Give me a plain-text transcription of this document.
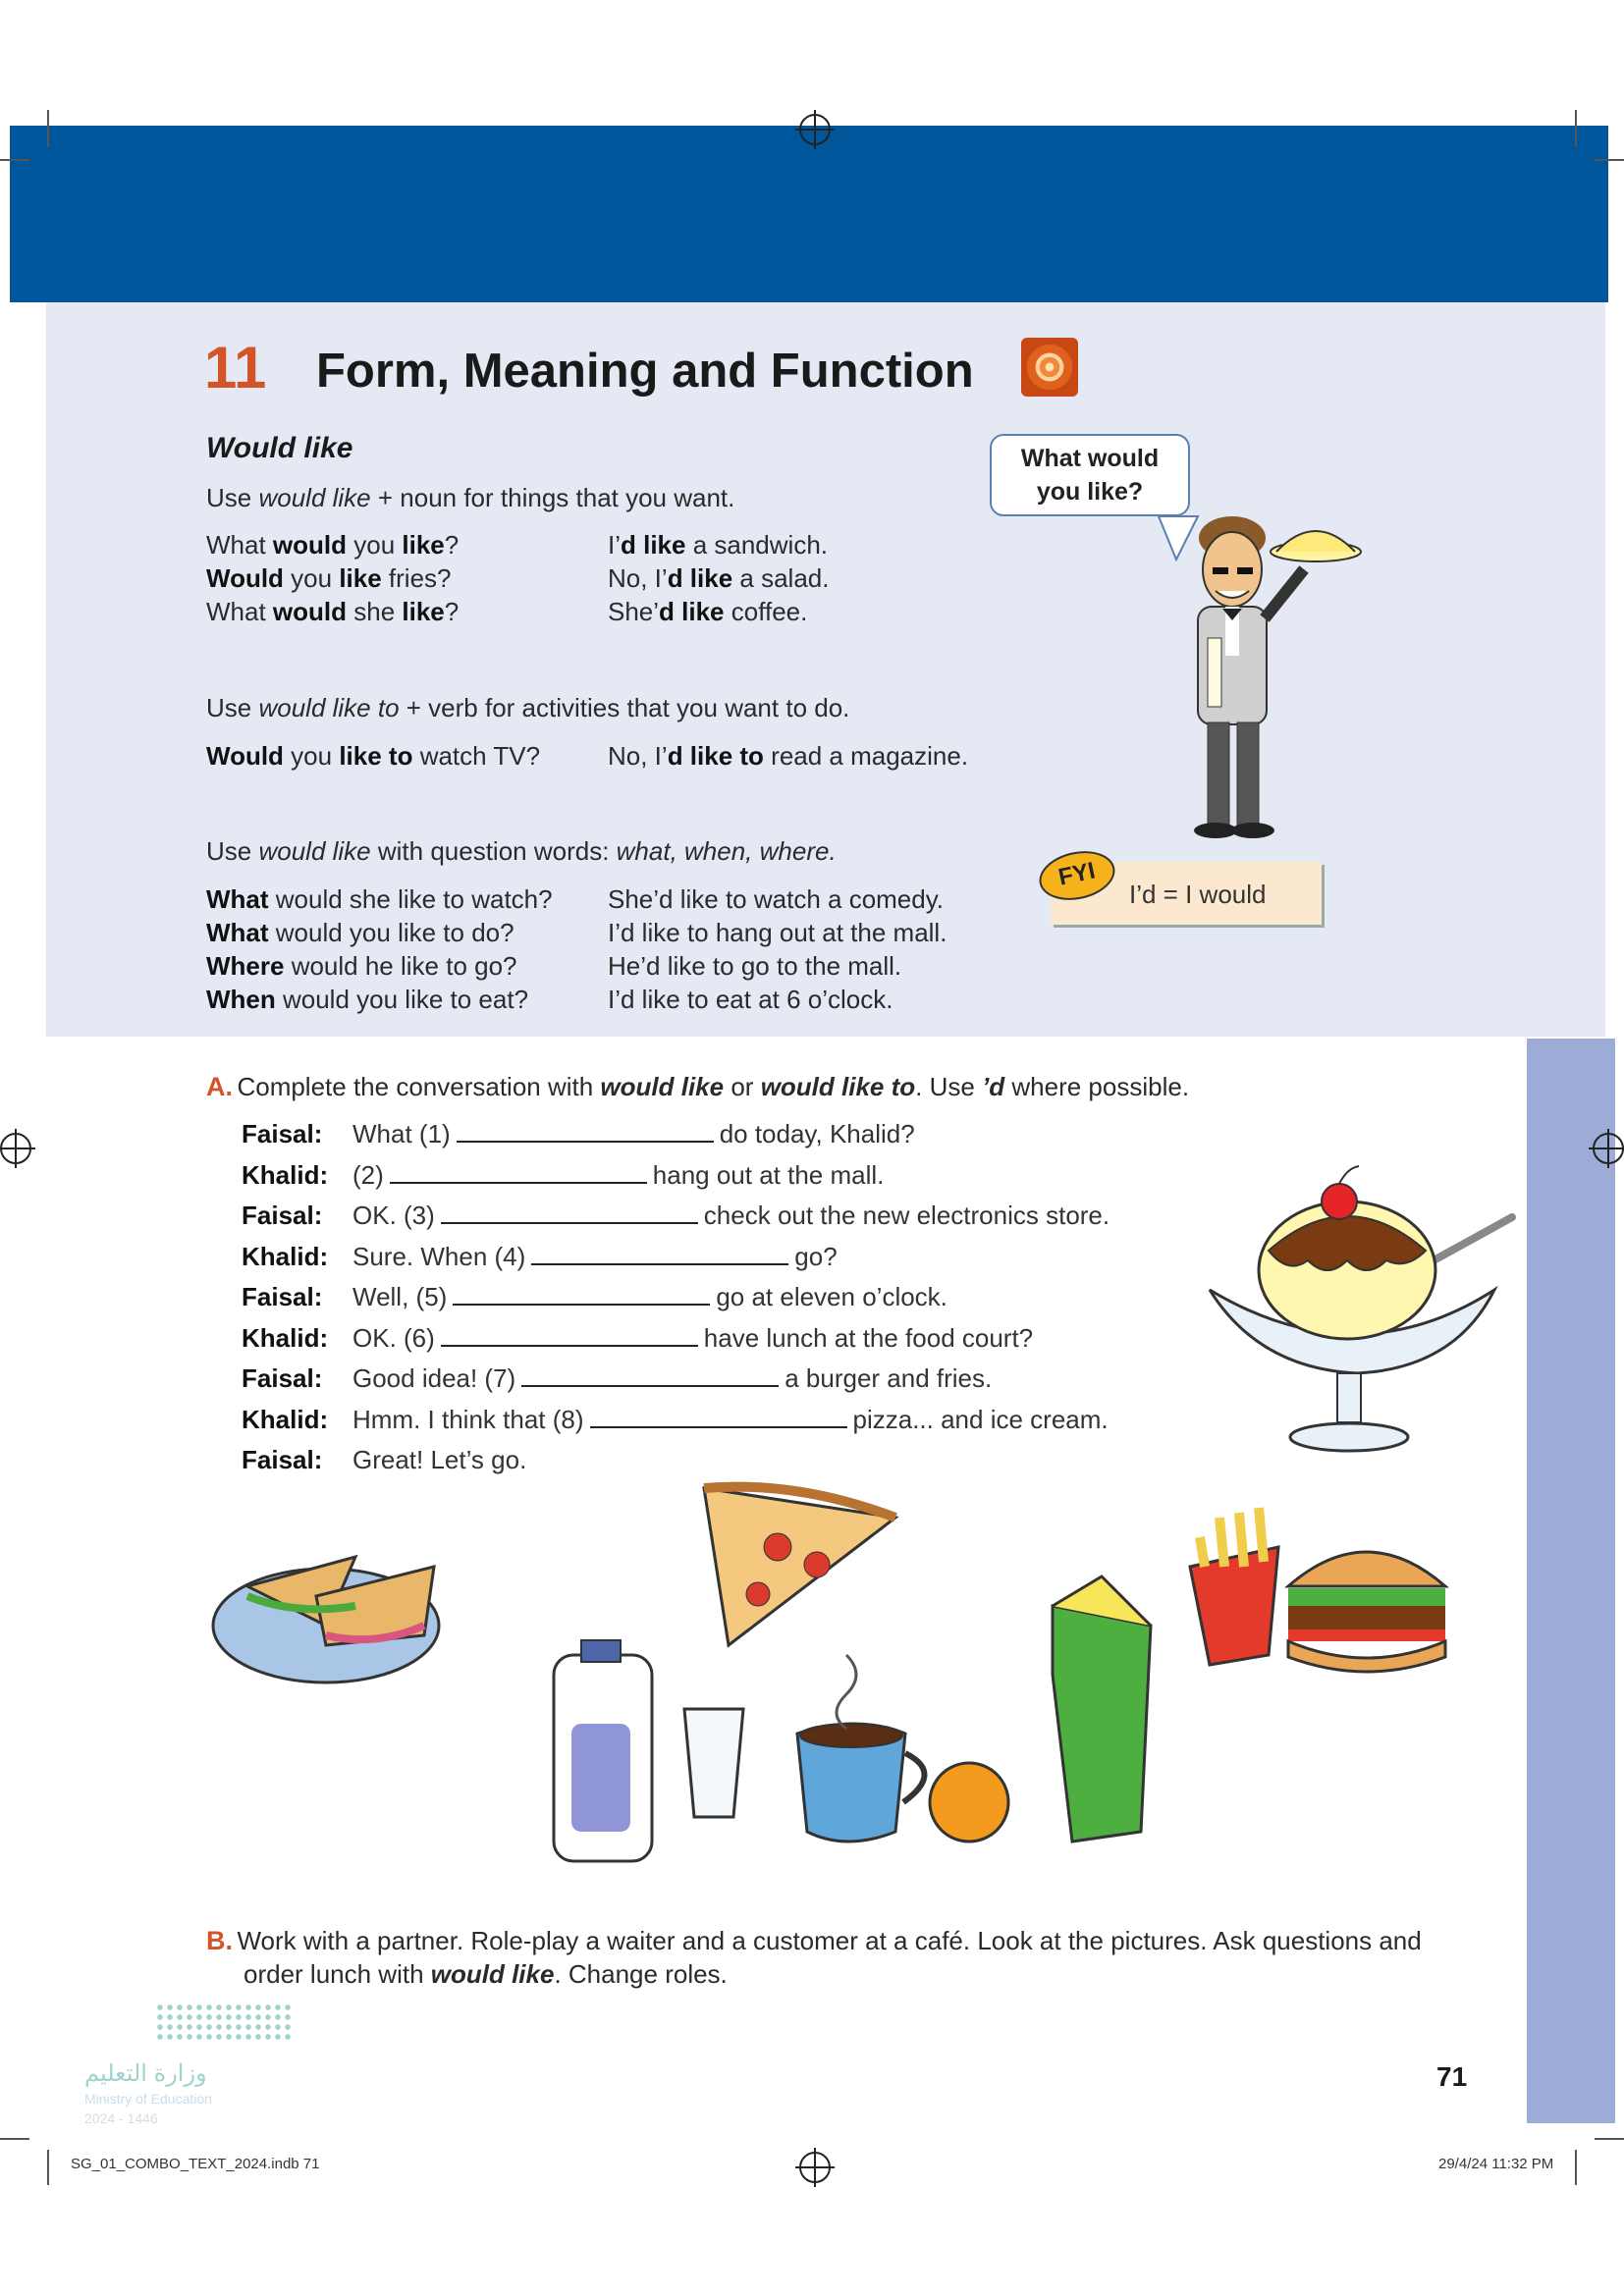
11 Form, Meaning and Function
Would like
Use would like + noun for things that you want.
What would you like?	I’d like a sandwich.
Would you like fries?	No, I’d like a salad.
What would she like?	She’d like coffee.
Use would like to + verb for activities that you want to do.
Would you like to watch TV?	No, I’d like to read a magazine.
Use would like with question words: what, when, where.
What would she like to watch? She’d like to watch a comedy.
What would you like to do?	I’d like to hang out at the mall.
Where would he like to go?	He’d like to go to the mall.
When would you like to eat?	I’d like to eat at 6 o’clock.
What would
you like?
FYI
I’d = I would
A. Complete the conversation with would like or would like to. Use ’d where possible.
Faisal: What (1)	do today, Khalid?
Khalid: (2)	hang out at the mall.
Faisal: OK. (3)	check out the new electronics store.
Khalid: Sure. When (4)	go?
Faisal: Well, (5)	go at eleven o’clock.
Khalid: OK. (6)	have lunch at the food court?
Faisal: Good idea! (7)	a burger and fries.
Khalid: Hmm. I think that (8)	pizza... and ice cream.
Faisal: Great! Let’s go.
B. Work with a partner. Role-play a waiter and a customer at a café. Look at the pictures. Ask questions and
order lunch with would like. Change roles.
وزارة التعليم
Ministry of Education
2024 - 1446
71
SG_01_COMBO_TEXT_2024.indb 71	29/4/24 11:32 PM
